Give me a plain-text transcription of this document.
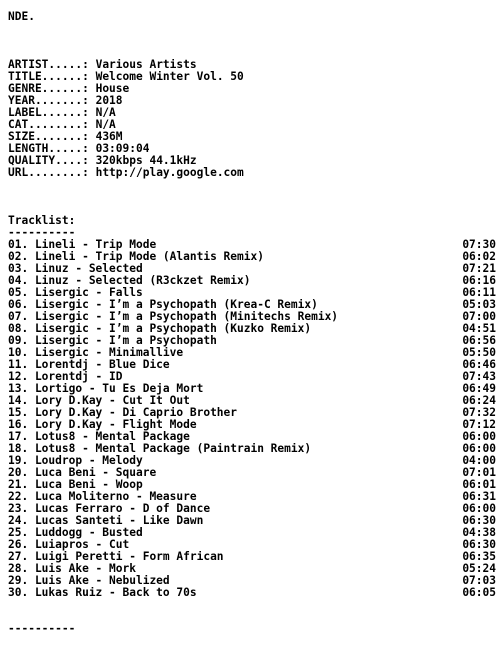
NDE.
ARTIST.....: Various Artists
TITLE......: Welcome Winter Vol. 50
GENRE......: House
YEAR.......: 2018
LABEL......: N/A
CAT........: N/A
SIZE.......: 436M
LENGTH.....: 03:09:04
QUALITY....: 320kbps 44.1kHz
URL........: http://play.google.com
Tracklist:
----------
01. Lineli - Trip Mode	07:30
02. Lineli - Trip Mode (Alantis Remix)	06:02
03. Linuz - Selected	07:21
04. Linuz - Selected (R3ckzet Remix)	06:16
05. Lisergic - Falls	06:11
06. Lisergic - I’m a Psychopath (Krea-C Remix)	05:03
07. Lisergic - I’m a Psychopath (Minitechs Remix)	07:00
08. Lisergic - I’m a Psychopath (Kuzko Remix)	04:51
09. Lisergic - I’m a Psychopath	06:56
10. Lisergic - Minimallive	05:50
11. Lorentdj - Blue Dice	06:46
12. Lorentdj - ID	07:43
13. Lortigo - Tu Es Deja Mort	06:49
14. Lory D.Kay - Cut It Out	06:24
15. Lory D.Kay - Di Caprio Brother	07:32
16. Lory D.Kay - Flight Mode	07:12
17. Lotus8 - Mental Package	06:00
18. Lotus8 - Mental Package (Paintrain Remix)	06:00
19. Loudrop - Melody	04:00
20. Luca Beni - Square	07:01
21. Luca Beni - Woop	06:01
22. Luca Moliterno - Measure	06:31
23. Lucas Ferraro - D of Dance	06:00
24. Lucas Santeti - Like Dawn	06:30
25. Luddogg - Busted	04:38
26. Luiapros - Cut	06:30
27. Luigi Peretti - Form African	06:35
28. Luis Ake - Mork	05:24
29. Luis Ake - Nebulized	07:03
30. Lukas Ruiz - Back to 70s	06:05
----------
